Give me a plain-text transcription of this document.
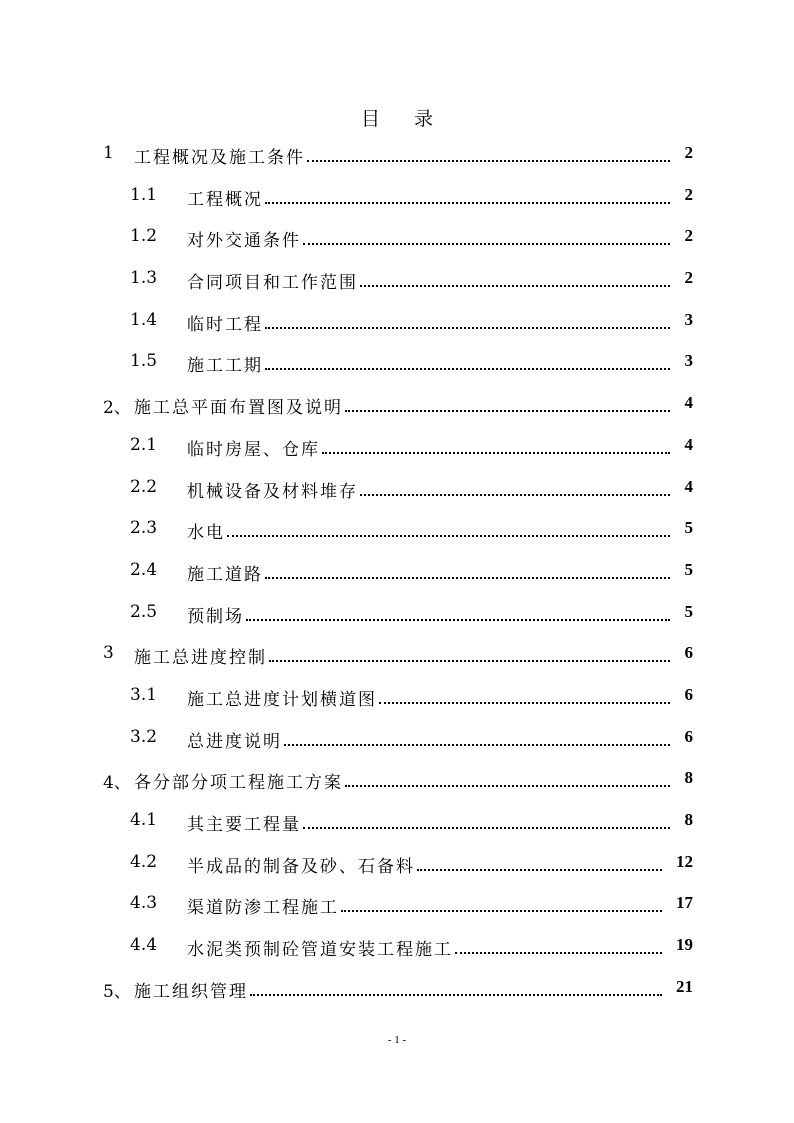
目 录
1 工程概况及施工条件	2
1.1 工程概况	2
1.2 对外交通条件	2
1.3 合同项目和工作范围	2
1.4 临时工程	3
1.5 施工工期	3
2、 施工总平面布置图及说明	4
2.1 临时房屋、仓库	4
2.2 机械设备及材料堆存	4
2.3 水电	5
2.4 施工道路	5
2.5 预制场	5
3 施工总进度控制	6
3.1 施工总进度计划横道图	6
3.2 总进度说明	6
4、 各分部分项工程施工方案	8
4.1 其主要工程量	8
4.2 半成品的制备及砂、石备料	12
4.3 渠道防渗工程施工	17
4.4 水泥类预制砼管道安装工程施工	19
5、 施工组织管理	21
- 1 -
